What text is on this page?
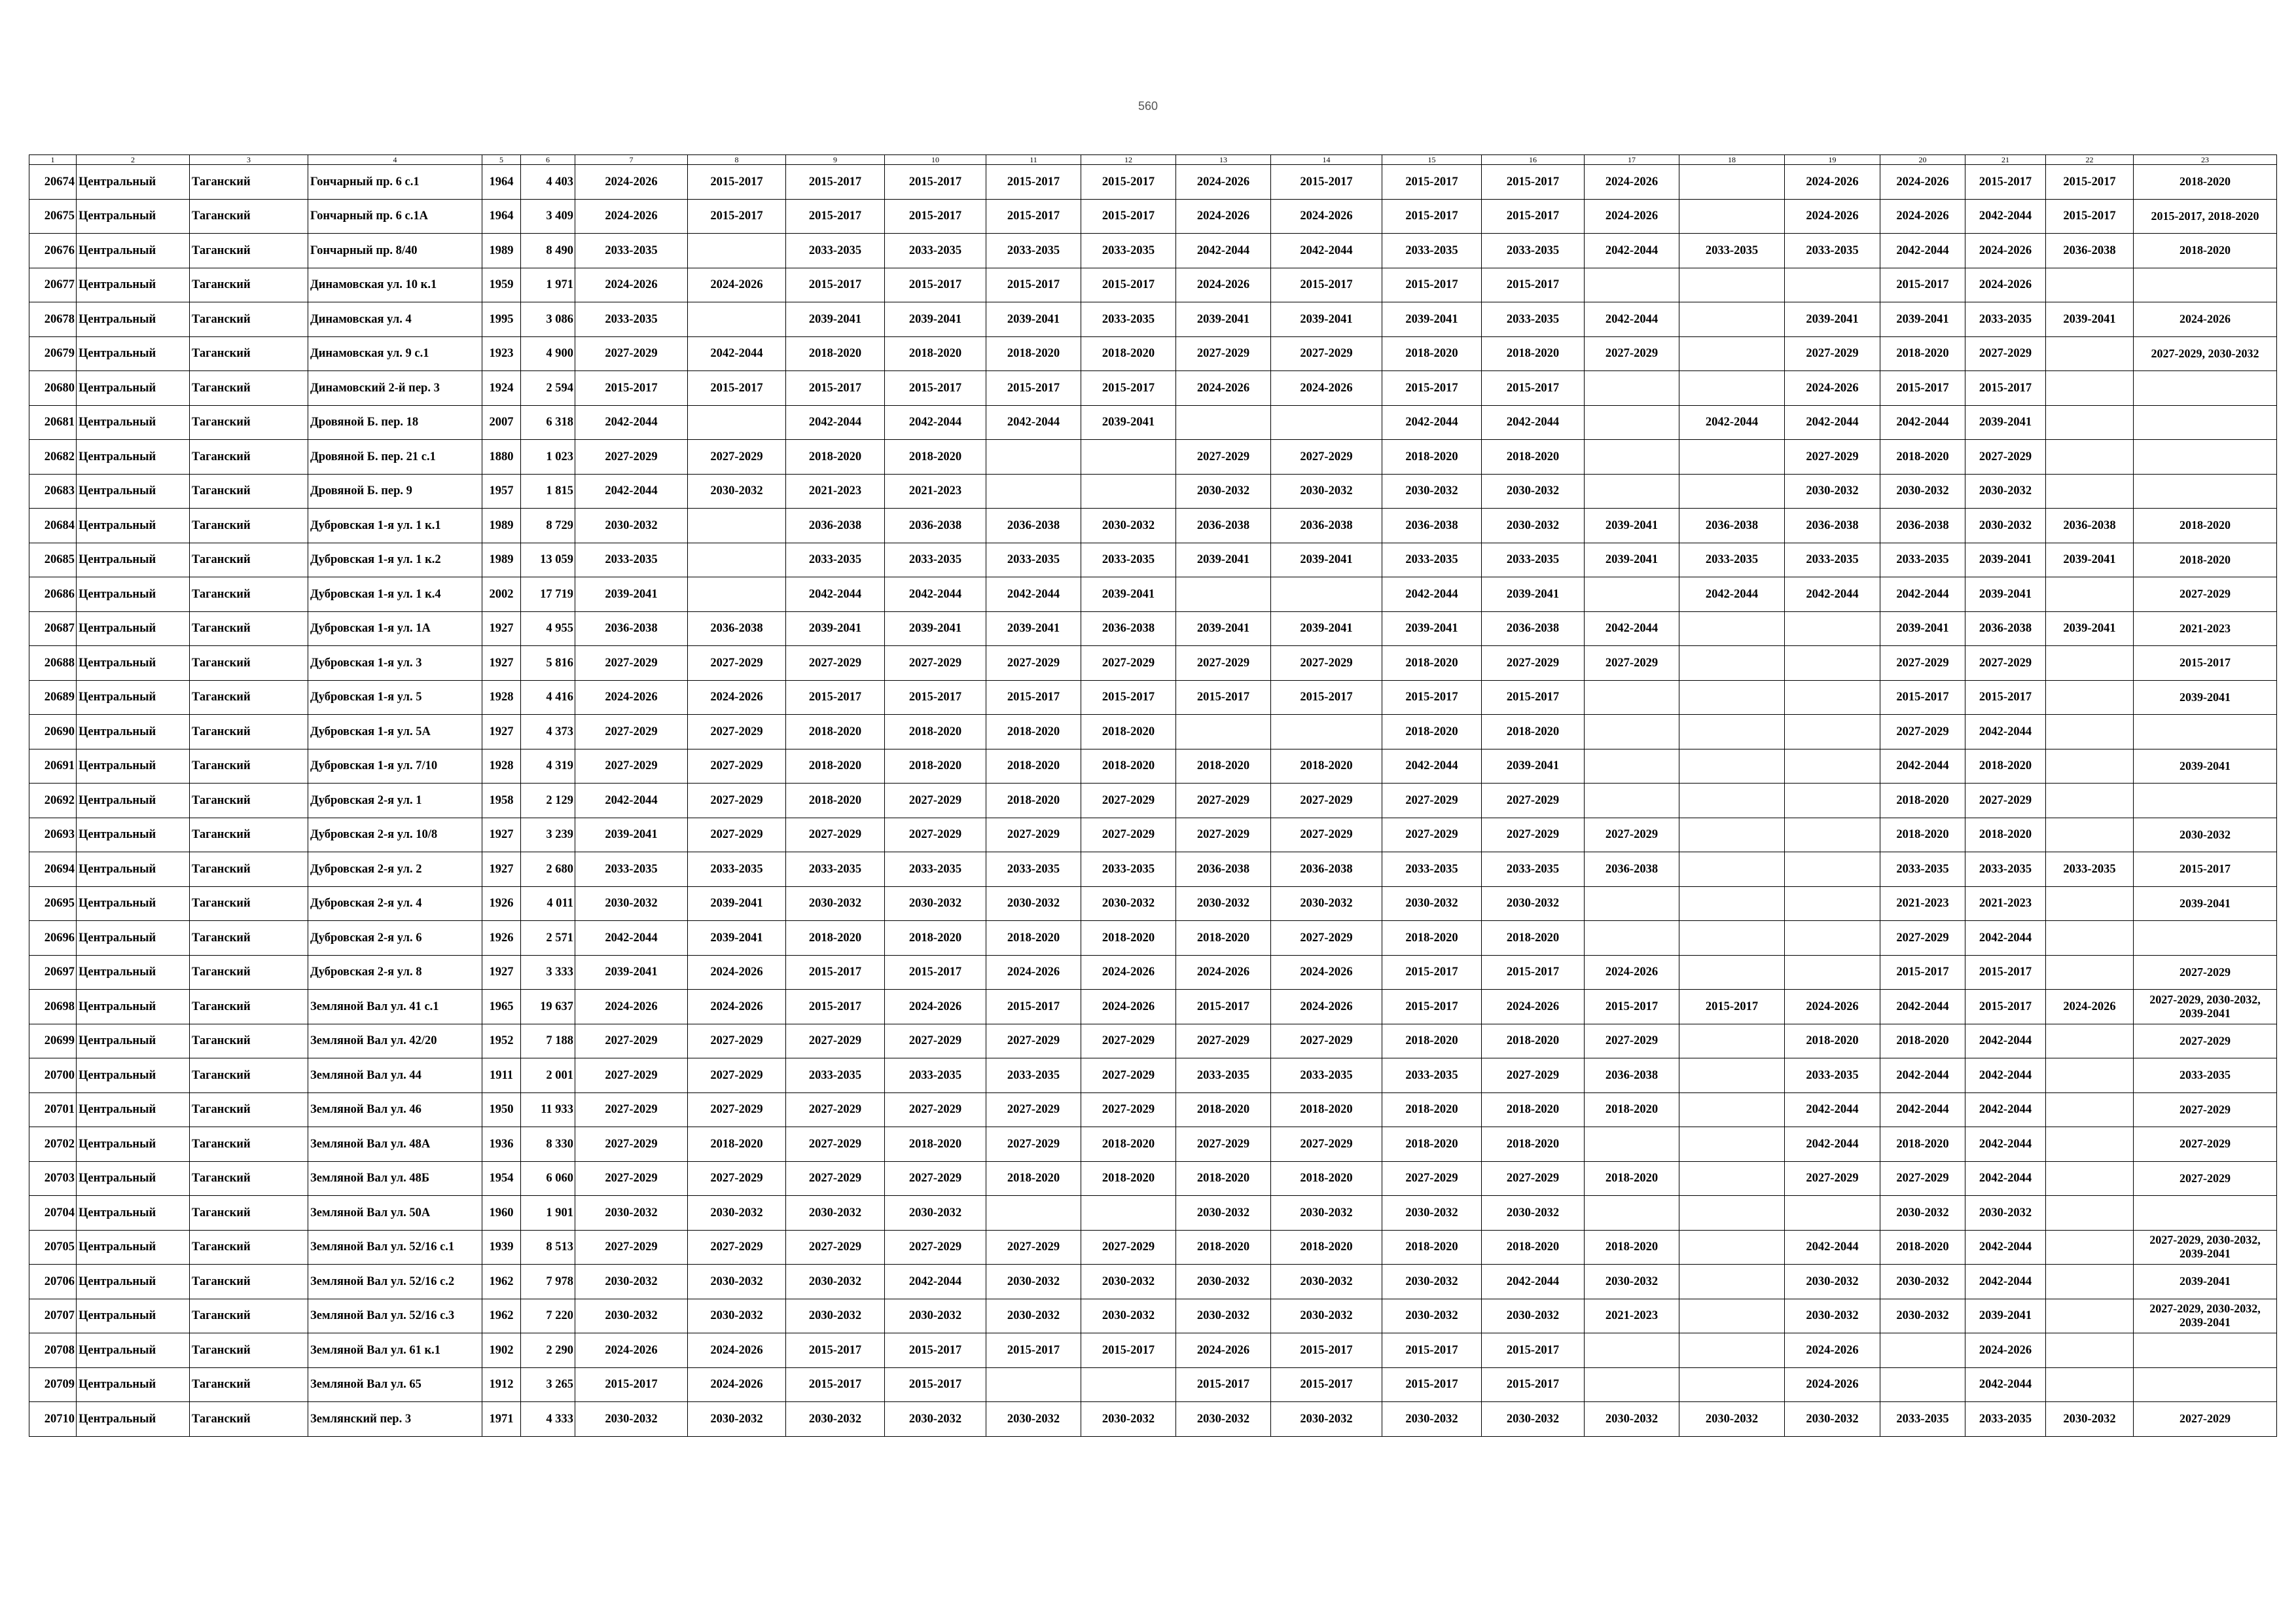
560
1	2	3	4	5	6	7	8	9	10	11	12	13	14	15	16	17	18	19	20	21	22	23
20674	Центральный	Таганский	Гончарный пр. 6 с.1	1964	4 403	2024-2026	2015-2017	2015-2017	2015-2017	2015-2017	2015-2017	2024-2026	2015-2017	2015-2017	2015-2017	2024-2026		2024-2026	2024-2026	2015-2017	2015-2017	2018-2020
20675	Центральный	Таганский	Гончарный пр. 6 с.1А	1964	3 409	2024-2026	2015-2017	2015-2017	2015-2017	2015-2017	2015-2017	2024-2026	2024-2026	2015-2017	2015-2017	2024-2026		2024-2026	2024-2026	2042-2044	2015-2017	2015-2017, 2018-2020
20676	Центральный	Таганский	Гончарный пр. 8/40	1989	8 490	2033-2035		2033-2035	2033-2035	2033-2035	2033-2035	2042-2044	2042-2044	2033-2035	2033-2035	2042-2044	2033-2035	2033-2035	2042-2044	2024-2026	2036-2038	2018-2020
20677	Центральный	Таганский	Динамовская ул. 10 к.1	1959	1 971	2024-2026	2024-2026	2015-2017	2015-2017	2015-2017	2015-2017	2024-2026	2015-2017	2015-2017	2015-2017				2015-2017	2024-2026		
20678	Центральный	Таганский	Динамовская ул. 4	1995	3 086	2033-2035		2039-2041	2039-2041	2039-2041	2033-2035	2039-2041	2039-2041	2039-2041	2033-2035	2042-2044		2039-2041	2039-2041	2033-2035	2039-2041	2024-2026
20679	Центральный	Таганский	Динамовская ул. 9 с.1	1923	4 900	2027-2029	2042-2044	2018-2020	2018-2020	2018-2020	2018-2020	2027-2029	2027-2029	2018-2020	2018-2020	2027-2029		2027-2029	2018-2020	2027-2029		2027-2029, 2030-2032
20680	Центральный	Таганский	Динамовский 2-й пер. 3	1924	2 594	2015-2017	2015-2017	2015-2017	2015-2017	2015-2017	2015-2017	2024-2026	2024-2026	2015-2017	2015-2017			2024-2026	2015-2017	2015-2017		
20681	Центральный	Таганский	Дровяной Б. пер. 18	2007	6 318	2042-2044		2042-2044	2042-2044	2042-2044	2039-2041			2042-2044	2042-2044		2042-2044	2042-2044	2042-2044	2039-2041		
20682	Центральный	Таганский	Дровяной Б. пер. 21 с.1	1880	1 023	2027-2029	2027-2029	2018-2020	2018-2020			2027-2029	2027-2029	2018-2020	2018-2020			2027-2029	2018-2020	2027-2029		
20683	Центральный	Таганский	Дровяной Б. пер. 9	1957	1 815	2042-2044	2030-2032	2021-2023	2021-2023			2030-2032	2030-2032	2030-2032	2030-2032			2030-2032	2030-2032	2030-2032		
20684	Центральный	Таганский	Дубровская 1-я ул. 1 к.1	1989	8 729	2030-2032		2036-2038	2036-2038	2036-2038	2030-2032	2036-2038	2036-2038	2036-2038	2030-2032	2039-2041	2036-2038	2036-2038	2036-2038	2030-2032	2036-2038	2018-2020
20685	Центральный	Таганский	Дубровская 1-я ул. 1 к.2	1989	13 059	2033-2035		2033-2035	2033-2035	2033-2035	2033-2035	2039-2041	2039-2041	2033-2035	2033-2035	2039-2041	2033-2035	2033-2035	2033-2035	2039-2041	2039-2041	2018-2020
20686	Центральный	Таганский	Дубровская 1-я ул. 1 к.4	2002	17 719	2039-2041		2042-2044	2042-2044	2042-2044	2039-2041			2042-2044	2039-2041		2042-2044	2042-2044	2042-2044	2039-2041		2027-2029
20687	Центральный	Таганский	Дубровская 1-я ул. 1А	1927	4 955	2036-2038	2036-2038	2039-2041	2039-2041	2039-2041	2036-2038	2039-2041	2039-2041	2039-2041	2036-2038	2042-2044			2039-2041	2036-2038	2039-2041	2021-2023
20688	Центральный	Таганский	Дубровская 1-я ул. 3	1927	5 816	2027-2029	2027-2029	2027-2029	2027-2029	2027-2029	2027-2029	2027-2029	2027-2029	2018-2020	2027-2029	2027-2029			2027-2029	2027-2029		2015-2017
20689	Центральный	Таганский	Дубровская 1-я ул. 5	1928	4 416	2024-2026	2024-2026	2015-2017	2015-2017	2015-2017	2015-2017	2015-2017	2015-2017	2015-2017	2015-2017				2015-2017	2015-2017		2039-2041
20690	Центральный	Таганский	Дубровская 1-я ул. 5А	1927	4 373	2027-2029	2027-2029	2018-2020	2018-2020	2018-2020	2018-2020			2018-2020	2018-2020				2027-2029	2042-2044		
20691	Центральный	Таганский	Дубровская 1-я ул. 7/10	1928	4 319	2027-2029	2027-2029	2018-2020	2018-2020	2018-2020	2018-2020	2018-2020	2018-2020	2042-2044	2039-2041				2042-2044	2018-2020		2039-2041
20692	Центральный	Таганский	Дубровская 2-я ул. 1	1958	2 129	2042-2044	2027-2029	2018-2020	2027-2029	2018-2020	2027-2029	2027-2029	2027-2029	2027-2029	2027-2029				2018-2020	2027-2029		
20693	Центральный	Таганский	Дубровская 2-я ул. 10/8	1927	3 239	2039-2041	2027-2029	2027-2029	2027-2029	2027-2029	2027-2029	2027-2029	2027-2029	2027-2029	2027-2029	2027-2029			2018-2020	2018-2020		2030-2032
20694	Центральный	Таганский	Дубровская 2-я ул. 2	1927	2 680	2033-2035	2033-2035	2033-2035	2033-2035	2033-2035	2033-2035	2036-2038	2036-2038	2033-2035	2033-2035	2036-2038			2033-2035	2033-2035	2033-2035	2015-2017
20695	Центральный	Таганский	Дубровская 2-я ул. 4	1926	4 011	2030-2032	2039-2041	2030-2032	2030-2032	2030-2032	2030-2032	2030-2032	2030-2032	2030-2032	2030-2032				2021-2023	2021-2023		2039-2041
20696	Центральный	Таганский	Дубровская 2-я ул. 6	1926	2 571	2042-2044	2039-2041	2018-2020	2018-2020	2018-2020	2018-2020	2018-2020	2027-2029	2018-2020	2018-2020				2027-2029	2042-2044		
20697	Центральный	Таганский	Дубровская 2-я ул. 8	1927	3 333	2039-2041	2024-2026	2015-2017	2015-2017	2024-2026	2024-2026	2024-2026	2024-2026	2015-2017	2015-2017	2024-2026			2015-2017	2015-2017		2027-2029
20698	Центральный	Таганский	Земляной Вал ул. 41 с.1	1965	19 637	2024-2026	2024-2026	2015-2017	2024-2026	2015-2017	2024-2026	2015-2017	2024-2026	2015-2017	2024-2026	2015-2017	2015-2017	2024-2026	2042-2044	2015-2017	2024-2026	2027-2029, 2030-2032, 2039-2041
20699	Центральный	Таганский	Земляной Вал ул. 42/20	1952	7 188	2027-2029	2027-2029	2027-2029	2027-2029	2027-2029	2027-2029	2027-2029	2027-2029	2018-2020	2018-2020	2027-2029		2018-2020	2018-2020	2042-2044		2027-2029
20700	Центральный	Таганский	Земляной Вал ул. 44	1911	2 001	2027-2029	2027-2029	2033-2035	2033-2035	2033-2035	2027-2029	2033-2035	2033-2035	2033-2035	2027-2029	2036-2038		2033-2035	2042-2044	2042-2044		2033-2035
20701	Центральный	Таганский	Земляной Вал ул. 46	1950	11 933	2027-2029	2027-2029	2027-2029	2027-2029	2027-2029	2027-2029	2018-2020	2018-2020	2018-2020	2018-2020	2018-2020		2042-2044	2042-2044	2042-2044		2027-2029
20702	Центральный	Таганский	Земляной Вал ул. 48А	1936	8 330	2027-2029	2018-2020	2027-2029	2018-2020	2027-2029	2018-2020	2027-2029	2027-2029	2018-2020	2018-2020			2042-2044	2018-2020	2042-2044		2027-2029
20703	Центральный	Таганский	Земляной Вал ул. 48Б	1954	6 060	2027-2029	2027-2029	2027-2029	2027-2029	2018-2020	2018-2020	2018-2020	2018-2020	2027-2029	2027-2029	2018-2020		2027-2029	2027-2029	2042-2044		2027-2029
20704	Центральный	Таганский	Земляной Вал ул. 50А	1960	1 901	2030-2032	2030-2032	2030-2032	2030-2032			2030-2032	2030-2032	2030-2032	2030-2032				2030-2032	2030-2032		
20705	Центральный	Таганский	Земляной Вал ул. 52/16 с.1	1939	8 513	2027-2029	2027-2029	2027-2029	2027-2029	2027-2029	2027-2029	2018-2020	2018-2020	2018-2020	2018-2020	2018-2020		2042-2044	2018-2020	2042-2044		2027-2029, 2030-2032, 2039-2041
20706	Центральный	Таганский	Земляной Вал ул. 52/16 с.2	1962	7 978	2030-2032	2030-2032	2030-2032	2042-2044	2030-2032	2030-2032	2030-2032	2030-2032	2030-2032	2042-2044	2030-2032		2030-2032	2030-2032	2042-2044		2039-2041
20707	Центральный	Таганский	Земляной Вал ул. 52/16 с.3	1962	7 220	2030-2032	2030-2032	2030-2032	2030-2032	2030-2032	2030-2032	2030-2032	2030-2032	2030-2032	2030-2032	2021-2023		2030-2032	2030-2032	2039-2041		2027-2029, 2030-2032, 2039-2041
20708	Центральный	Таганский	Земляной Вал ул. 61 к.1	1902	2 290	2024-2026	2024-2026	2015-2017	2015-2017	2015-2017	2015-2017	2024-2026	2015-2017	2015-2017	2015-2017			2024-2026		2024-2026		
20709	Центральный	Таганский	Земляной Вал ул. 65	1912	3 265	2015-2017	2024-2026	2015-2017	2015-2017			2015-2017	2015-2017	2015-2017	2015-2017			2024-2026		2042-2044		
20710	Центральный	Таганский	Землянский пер. 3	1971	4 333	2030-2032	2030-2032	2030-2032	2030-2032	2030-2032	2030-2032	2030-2032	2030-2032	2030-2032	2030-2032	2030-2032	2030-2032	2030-2032	2033-2035	2033-2035	2030-2032	2027-2029
